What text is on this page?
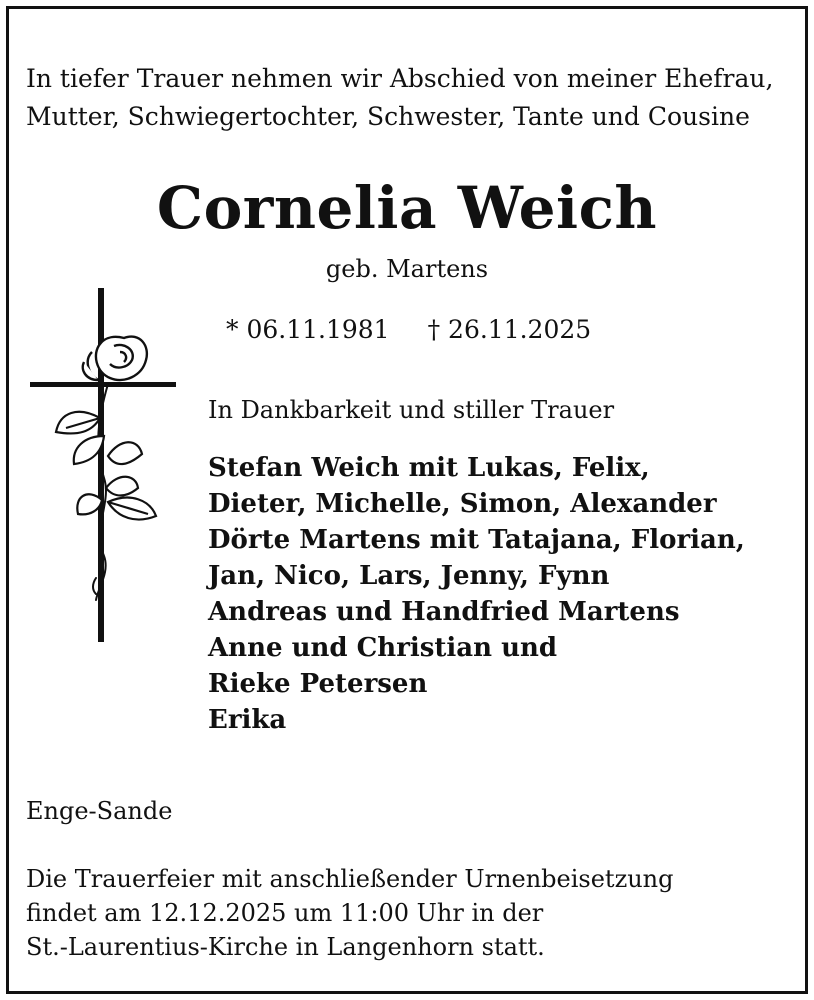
In tiefer Trauer nehmen wir Abschied von meiner Ehefrau,
Mutter, Schwiegertochter, Schwester, Tante und Cousine
Cornelia Weich
geb. Martens
* 06.11.1981 † 26.11.2025
In Dankbarkeit und stiller Trauer
Stefan Weich mit Lukas, Felix,
Dieter, Michelle, Simon, Alexander
Dörte Martens mit Tatajana, Florian,
Jan, Nico, Lars, Jenny, Fynn
Andreas und Handfried Martens
Anne und Christian und
Rieke Petersen
Erika
Enge-Sande
Die Trauerfeier mit anschließender Urnenbeisetzung
findet am 12.12.2025 um 11:00 Uhr in der
St.-Laurentius-Kirche in Langenhorn statt.
